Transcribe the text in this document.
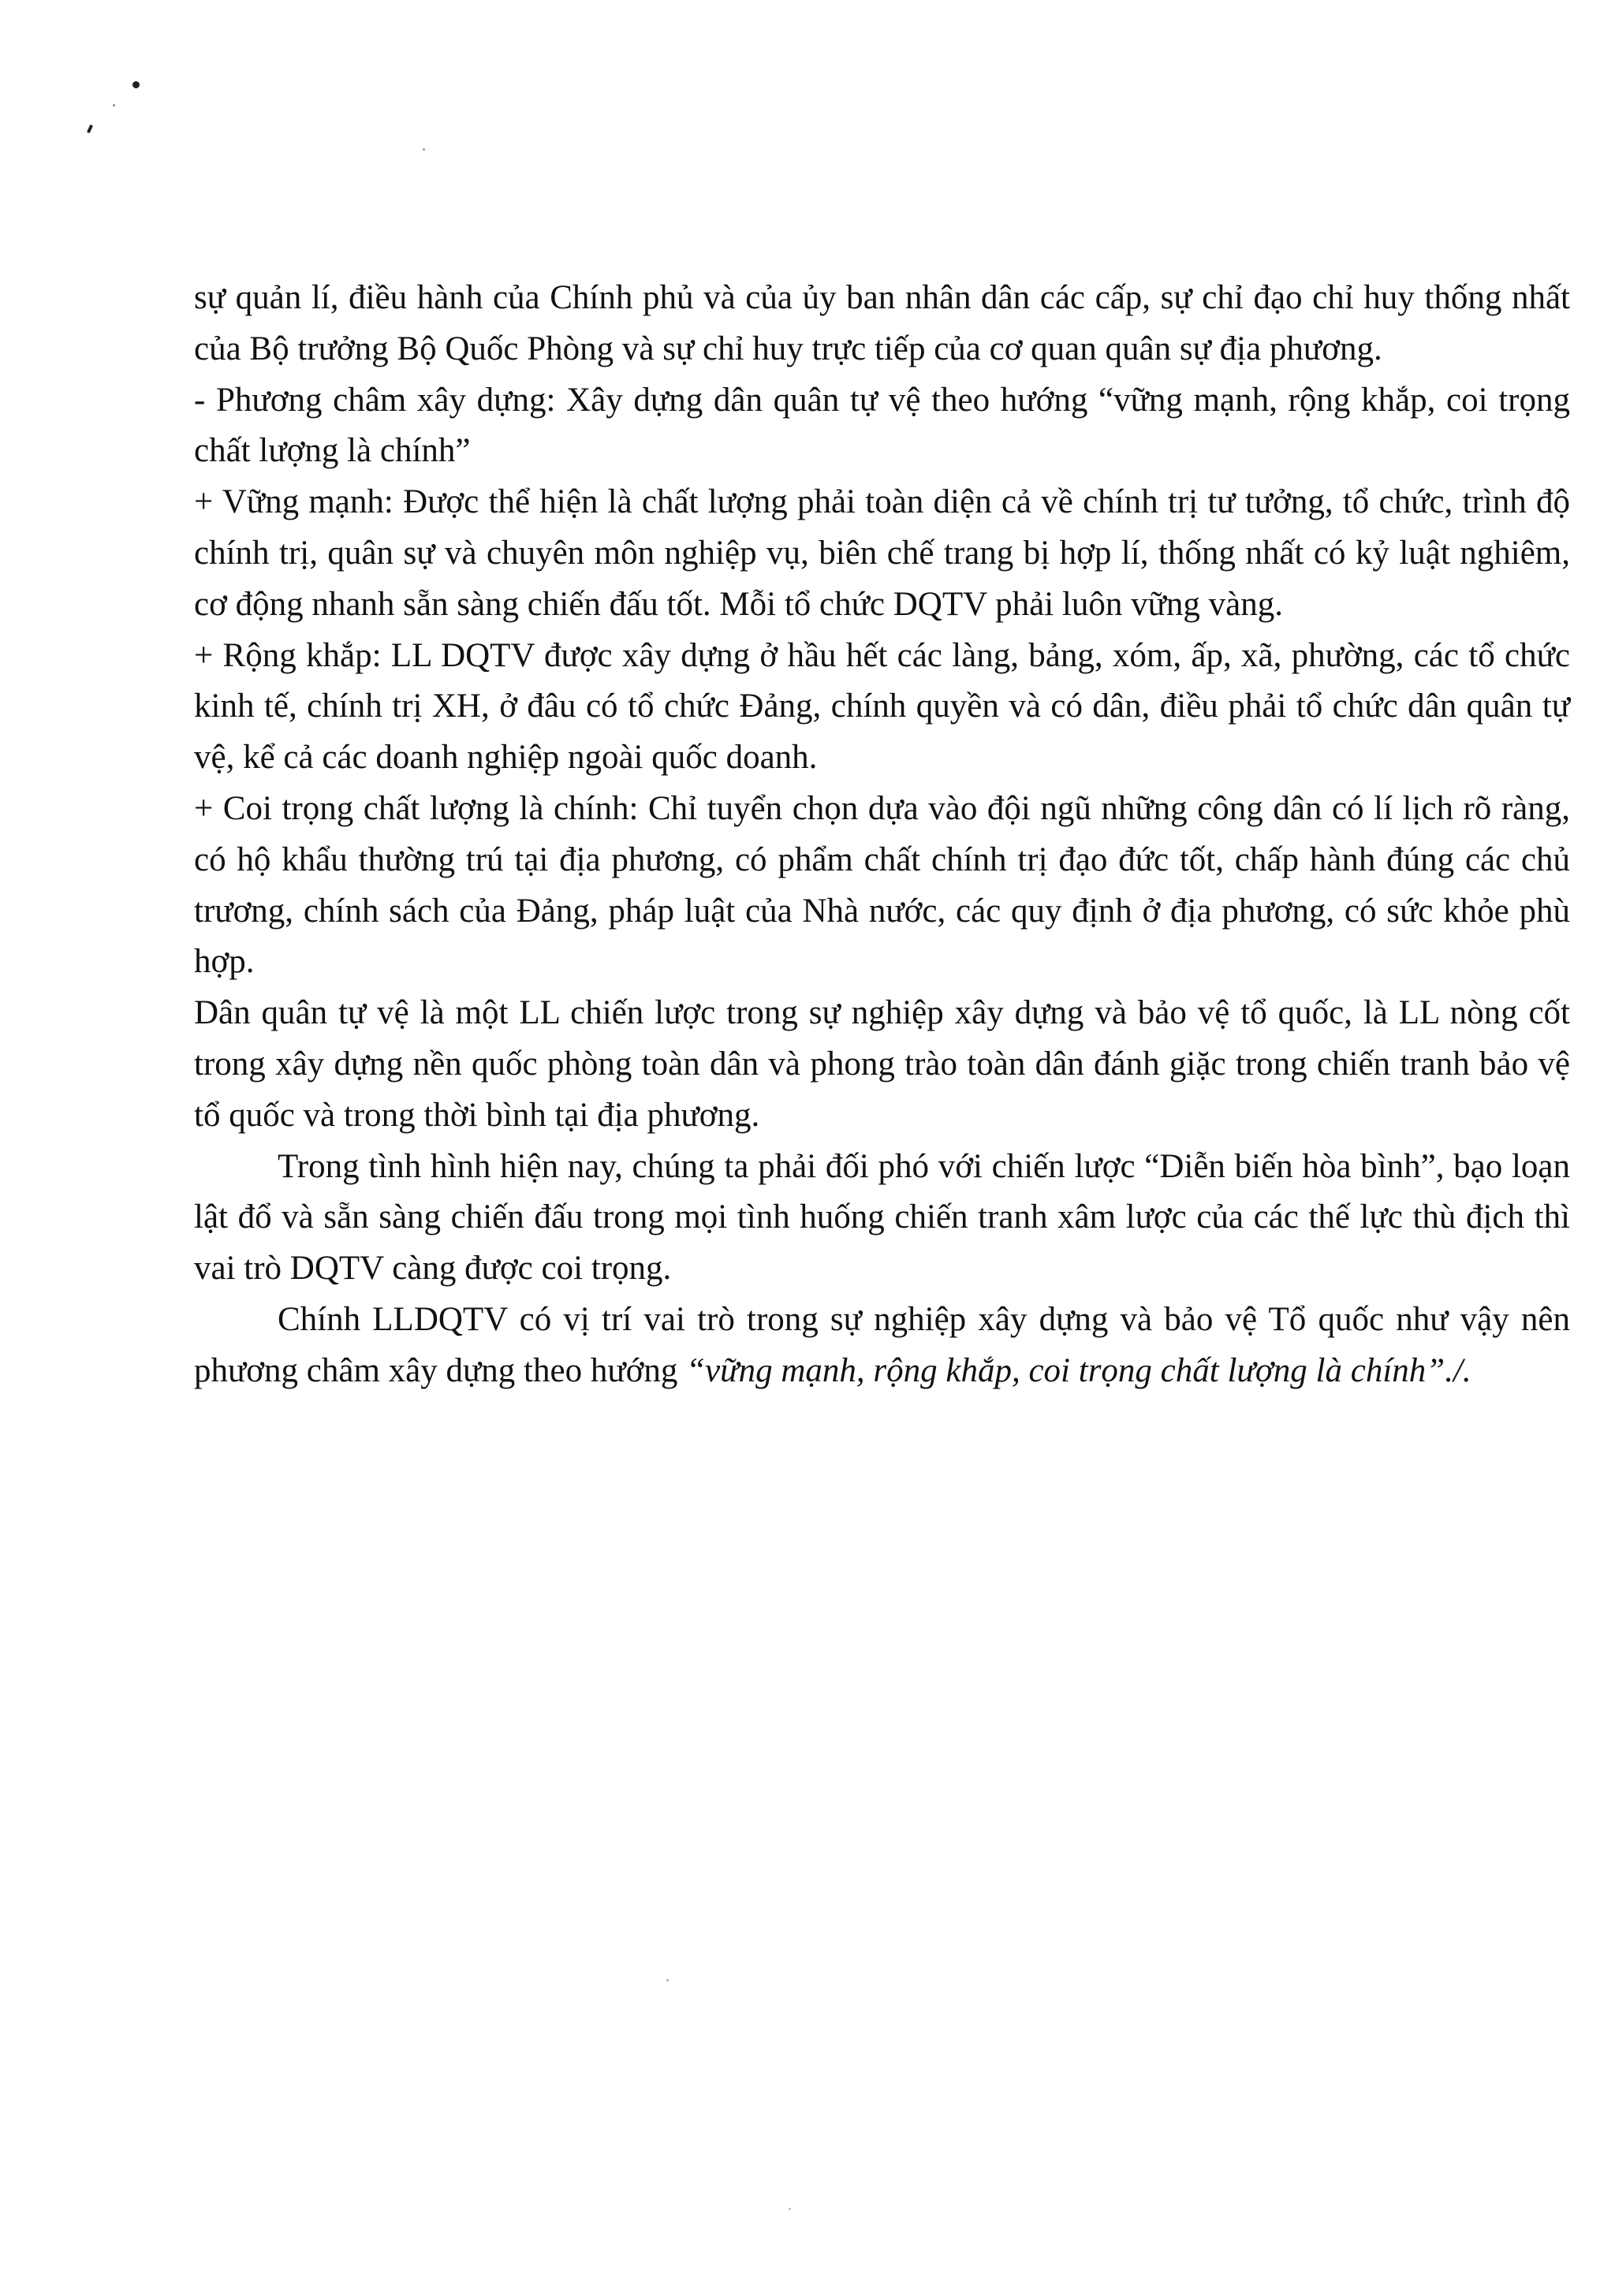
sự quản lí, điều hành của Chính phủ và của ủy ban nhân dân các cấp, sự chỉ đạo chỉ huy thống nhất của Bộ trưởng Bộ Quốc Phòng và sự chỉ huy trực tiếp của cơ quan quân sự địa phương.

- Phương châm xây dựng: Xây dựng dân quân tự vệ theo hướng “vững mạnh, rộng khắp, coi trọng chất lượng là chính”

+ Vững mạnh: Được thể hiện là chất lượng phải toàn diện cả về chính trị tư tưởng, tổ chức, trình độ chính trị, quân sự và chuyên môn nghiệp vụ, biên chế trang bị hợp lí, thống nhất có kỷ luật nghiêm, cơ động nhanh sẵn sàng chiến đấu tốt. Mỗi tổ chức DQTV phải luôn vững vàng.

+ Rộng khắp: LL DQTV được xây dựng ở hầu hết các làng, bảng, xóm, ấp, xã, phường, các tổ chức kinh tế, chính trị XH, ở đâu có tổ chức Đảng, chính quyền và có dân, điều phải tổ chức dân quân tự vệ, kể cả các doanh nghiệp ngoài quốc doanh.

+ Coi trọng chất lượng là chính: Chỉ tuyển chọn dựa vào đội ngũ những công dân có lí lịch rõ ràng, có hộ khẩu thường trú tại địa phương, có phẩm chất chính trị đạo đức tốt, chấp hành đúng các chủ trương, chính sách của Đảng, pháp luật của Nhà nước, các quy định ở địa phương, có sức khỏe phù hợp.

Dân quân tự vệ là một LL chiến lược trong sự nghiệp xây dựng và bảo vệ tổ quốc, là LL nòng cốt trong xây dựng nền quốc phòng toàn dân và phong trào toàn dân đánh giặc trong chiến tranh bảo vệ tổ quốc và trong thời bình tại địa phương.

Trong tình hình hiện nay, chúng ta phải đối phó với chiến lược “Diễn biến hòa bình”, bạo loạn lật đổ và sẵn sàng chiến đấu trong mọi tình huống chiến tranh xâm lược của các thế lực thù địch thì vai trò DQTV càng được coi trọng.

Chính LLDQTV có vị trí vai trò trong sự nghiệp xây dựng và bảo vệ Tổ quốc như vậy nên phương châm xây dựng theo hướng “vững mạnh, rộng khắp, coi trọng chất lượng là chính”./.
